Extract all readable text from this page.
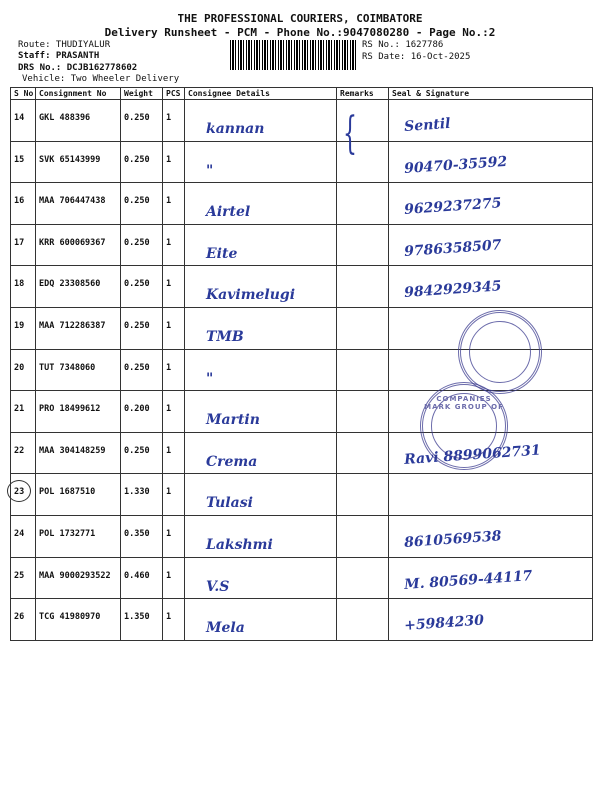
THE PROFESSIONAL COURIERS, COIMBATORE
Delivery Runsheet - PCM - Phone No.:9047080280 - Page No.:2
Route: THUDIYALUR
Staff: PRASANTH
DRS No.: DCJB162778602
Vehicle: Two Wheeler Delivery
RS No.: 1627786
RS Date: 16-Oct-2025
S No	Consignment No	Weight	PCS	Consignee Details	Remarks	Seal & Signature
14	GKL 488396	0.250	1	kannan		Sentil

15	SVK 65143999	0.250	1	"		90470-35592

16	MAA 706447438	0.250	1	Airtel		9629237275

17	KRR 600069367	0.250	1	Eite		9786358507

18	EDQ 23308560	0.250	1	Kavimelugi		9842929345

19	MAA 712286387	0.250	1	TMB		

20	TUT 7348060	0.250	1	"		

21	PRO 18499612	0.200	1	Martin		

22	MAA 304148259	0.250	1	Crema		Ravi 8899062731

23	POL 1687510	1.330	1	Tulasi		

24	POL 1732771	0.350	1	Lakshmi		8610569538

25	MAA 9000293522	0.460	1	V.S		M. 80569-44117

26	TCG 41980970	1.350	1	Mela		+5984230
{
COMPANIES MARK GROUP OF
